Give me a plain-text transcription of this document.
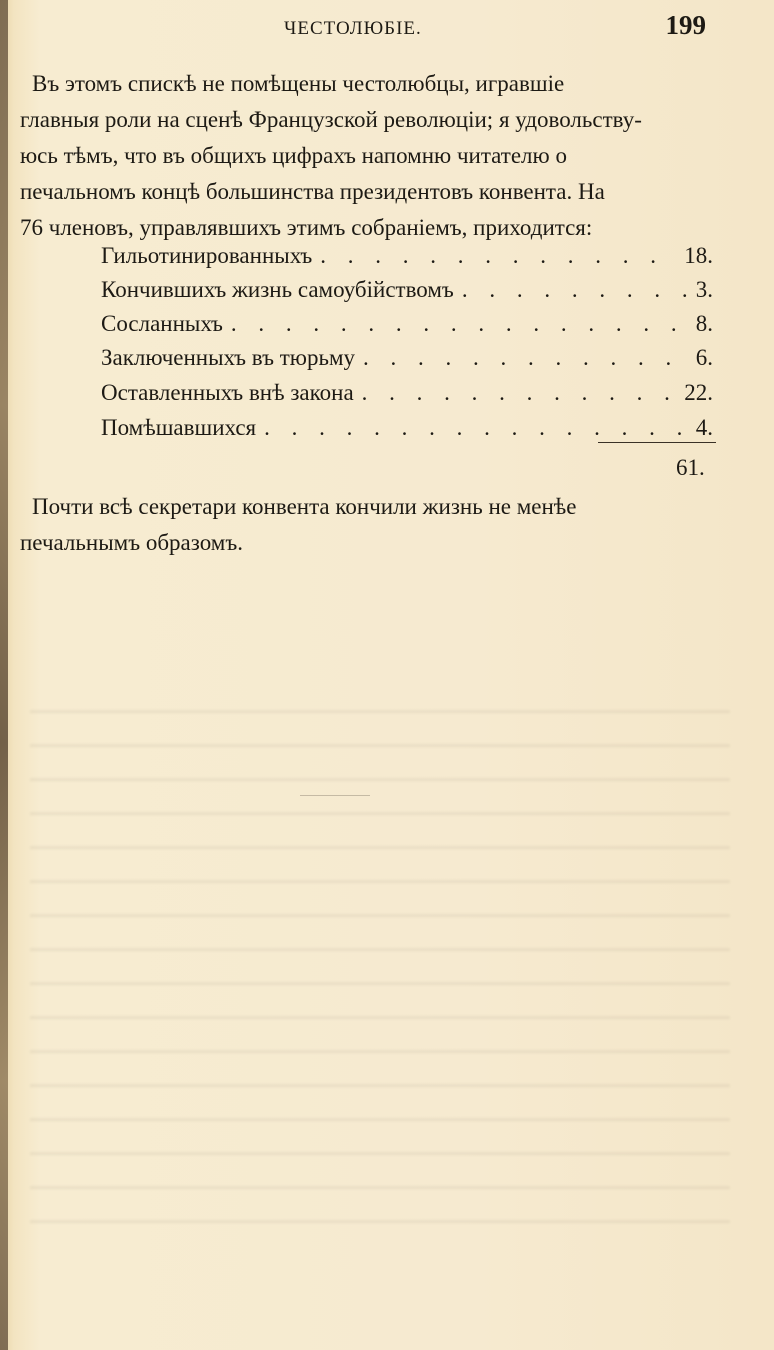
ЧЕСТОЛЮБІЕ.	199
Въ этомъ спискѣ не помѣщены честолюбцы, игравшіе
главныя роли на сценѣ Французской революціи; я удовольству-
юсь тѣмъ, что въ общихъ цифрахъ напомню читателю о
печальномъ концѣ большинства президентовъ конвента. На
76 членовъ, управлявшихъ этимъ собраніемъ, приходится:
Гильотинированныхъ . . .	18.
Кончившихъ жизнь самоубійствомъ . . .	3.
Сосланныхъ . . .	8.
Заключенныхъ въ тюрьму . . .	6.
Оставленныхъ внѣ закона . . .	22.
Помѣшавшихся . . .	4.
61.
Почти всѣ секретари конвента кончили жизнь не менѣе
печальнымъ образомъ.
